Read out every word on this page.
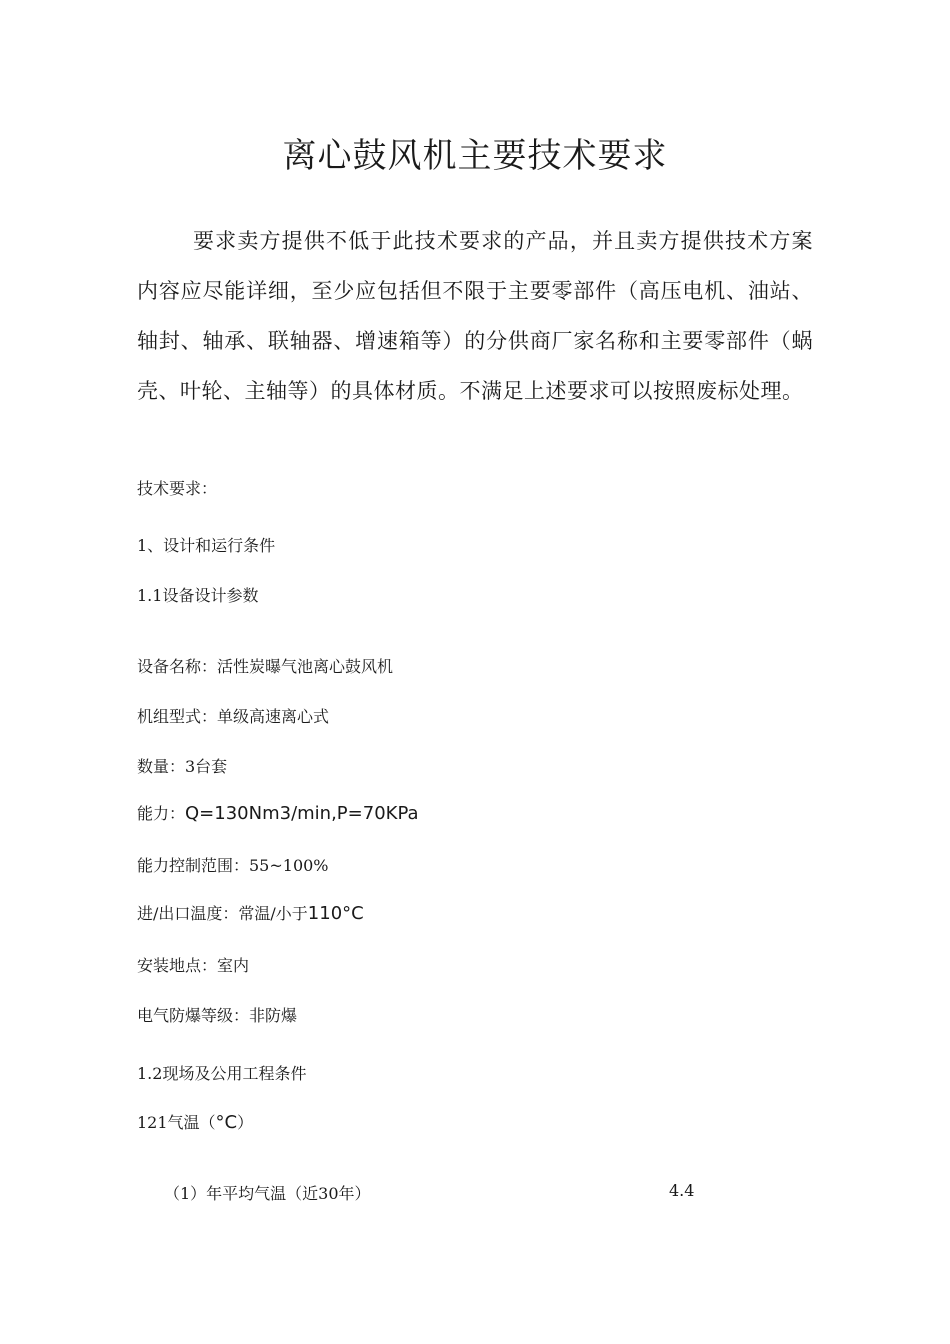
离心鼓风机主要技术要求

要求卖方提供不低于此技术要求的产品，并且卖方提供技术方案内容应尽能详细，至少应包括但不限于主要零部件（高压电机、油站、轴封、轴承、联轴器、增速箱等）的分供商厂家名称和主要零部件（蜗壳、叶轮、主轴等）的具体材质。不满足上述要求可以按照废标处理。

技术要求：
1、设计和运行条件
1.1设备设计参数
设备名称：活性炭曝气池离心鼓风机
机组型式：单级高速离心式
数量：3台套
能力：Q=130Nm3/min,P=70KPa
能力控制范围：55~100%
进/出口温度：常温/小于110°C
安装地点：室内
电气防爆等级：非防爆
1.2现场及公用工程条件
121气温（°C）
（1）年平均气温（近30年）	4.4
